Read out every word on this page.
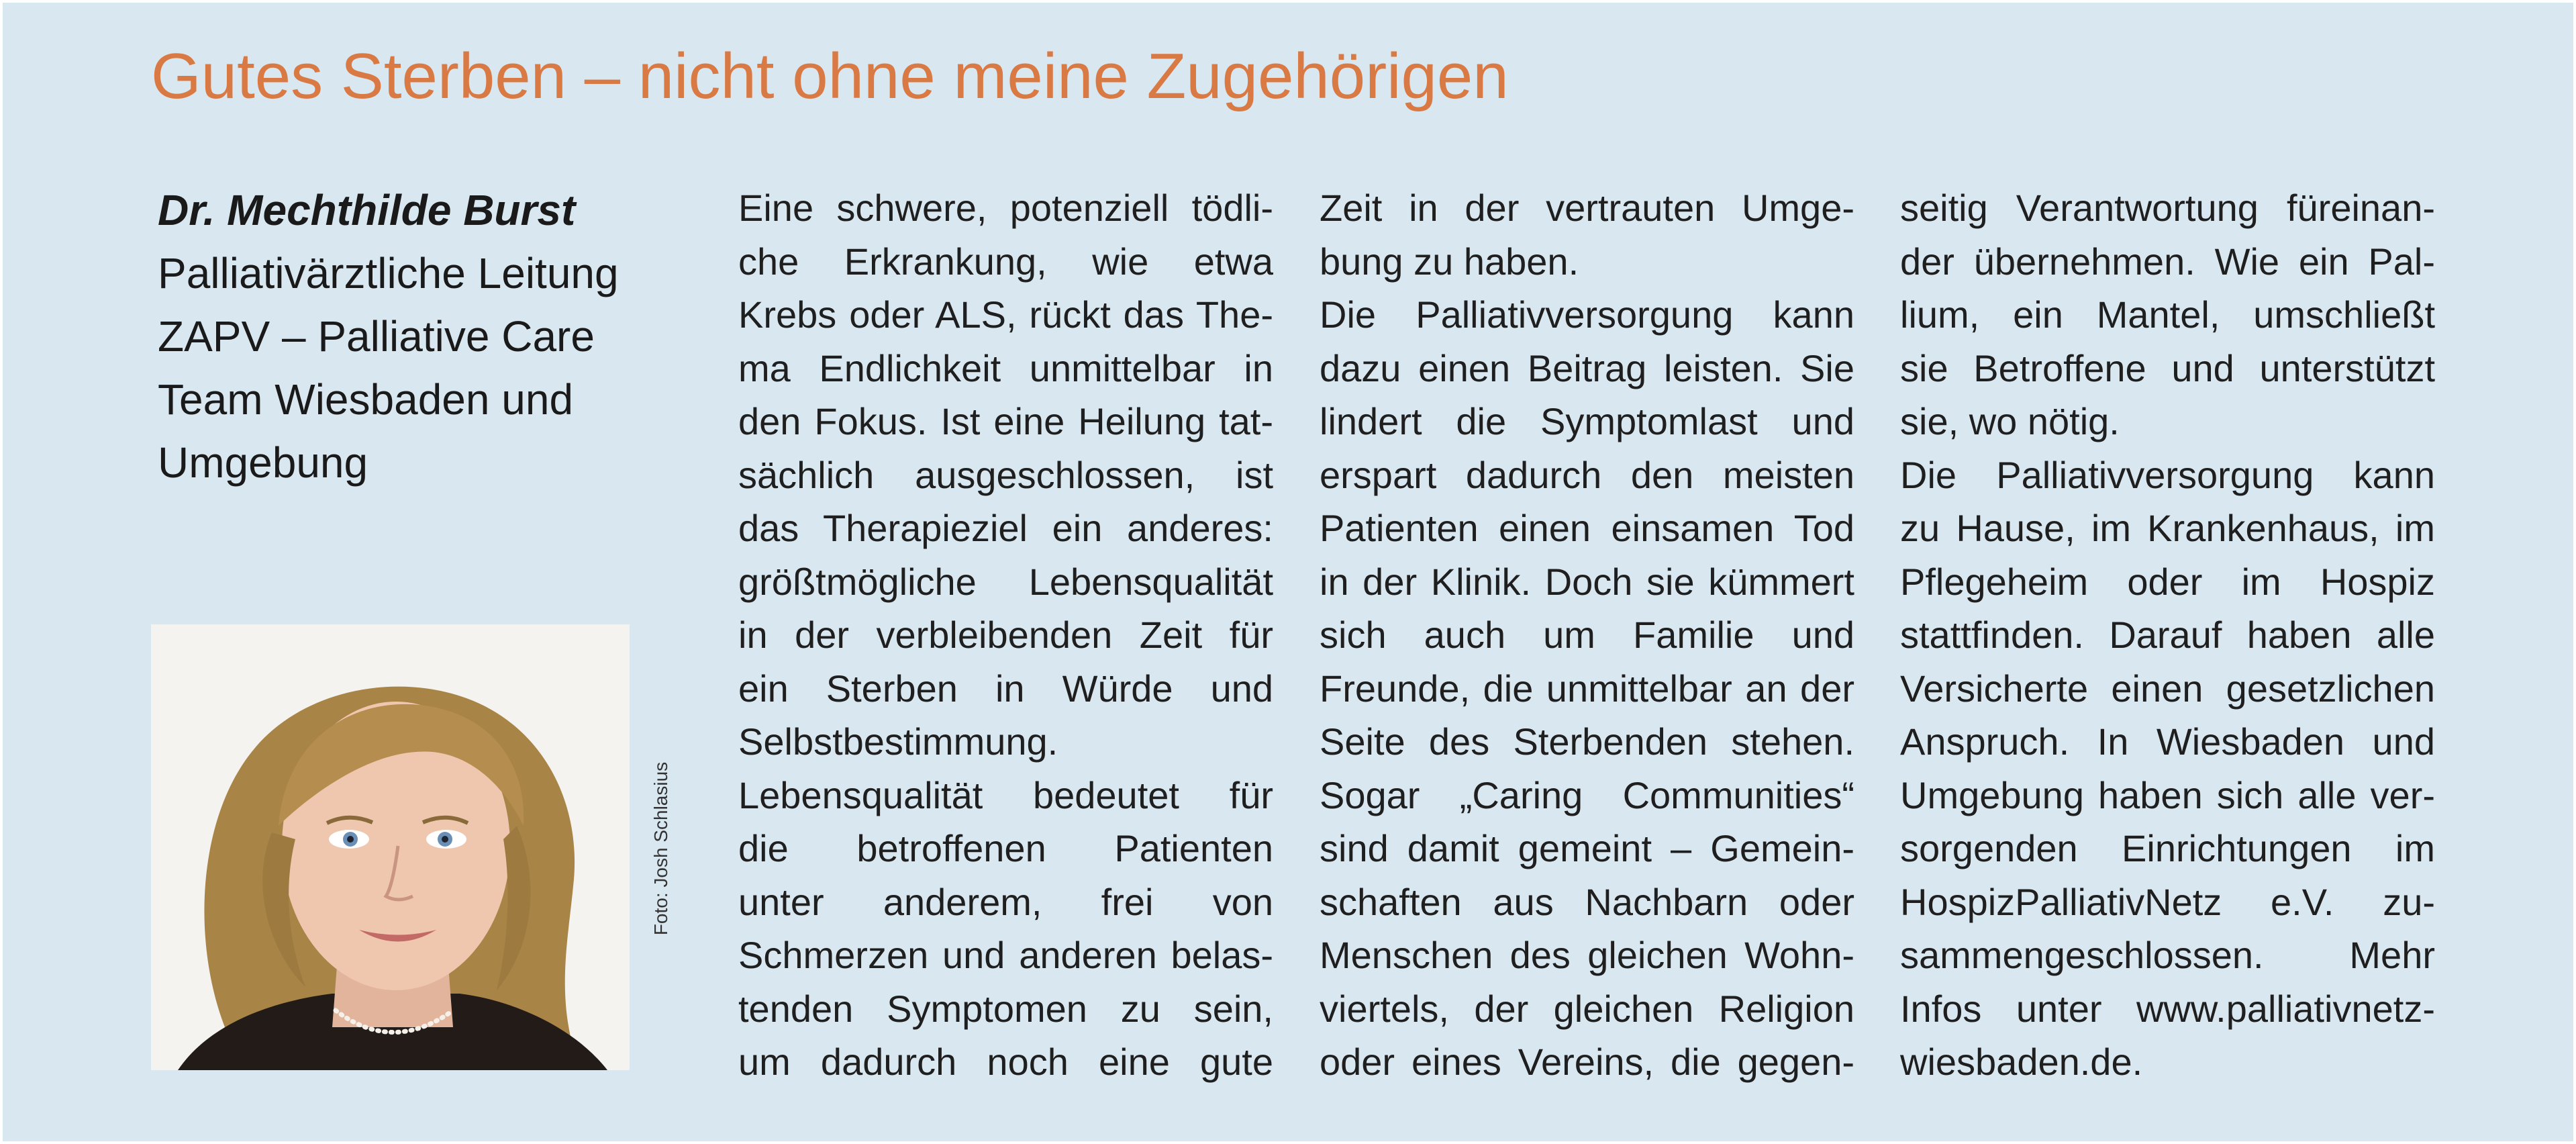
Gutes Sterben – nicht ohne meine Zugehörigen
Dr. Mechthilde Burst
Palliativärztliche Leitung
ZAPV – Palliative Care
Team Wiesbaden und
Umgebung
Foto: Josh Schlasius
Eine schwere, potenziell tödli-
che Erkrankung, wie etwa
Krebs oder ALS, rückt das The-
ma Endlichkeit unmittelbar in
den Fokus. Ist eine Heilung tat-
sächlich ausgeschlossen, ist
das Therapieziel ein anderes:
größtmögliche Lebensqualität
in der verbleibenden Zeit für
ein Sterben in Würde und
Selbstbestimmung.
Lebensqualität bedeutet für
die betroffenen Patienten
unter anderem, frei von
Schmerzen und anderen belas-
tenden Symptomen zu sein,
um dadurch noch eine gute
Zeit in der vertrauten Umge-
bung zu haben.
Die Palliativversorgung kann
dazu einen Beitrag leisten. Sie
lindert die Symptomlast und
erspart dadurch den meisten
Patienten einen einsamen Tod
in der Klinik. Doch sie kümmert
sich auch um Familie und
Freunde, die unmittelbar an der
Seite des Sterbenden stehen.
Sogar „Caring Communities“
sind damit gemeint – Gemein-
schaften aus Nachbarn oder
Menschen des gleichen Wohn-
viertels, der gleichen Religion
oder eines Vereins, die gegen-
seitig Verantwortung füreinan-
der übernehmen. Wie ein Pal-
lium, ein Mantel, umschließt
sie Betroffene und unterstützt
sie, wo nötig.
Die Palliativversorgung kann
zu Hause, im Krankenhaus, im
Pflegeheim oder im Hospiz
stattfinden. Darauf haben alle
Versicherte einen gesetzlichen
Anspruch. In Wiesbaden und
Umgebung haben sich alle ver-
sorgenden Einrichtungen im
HospizPalliativNetz e.V. zu-
sammengeschlossen. Mehr
Infos unter www.palliativnetz-
wiesbaden.de.
